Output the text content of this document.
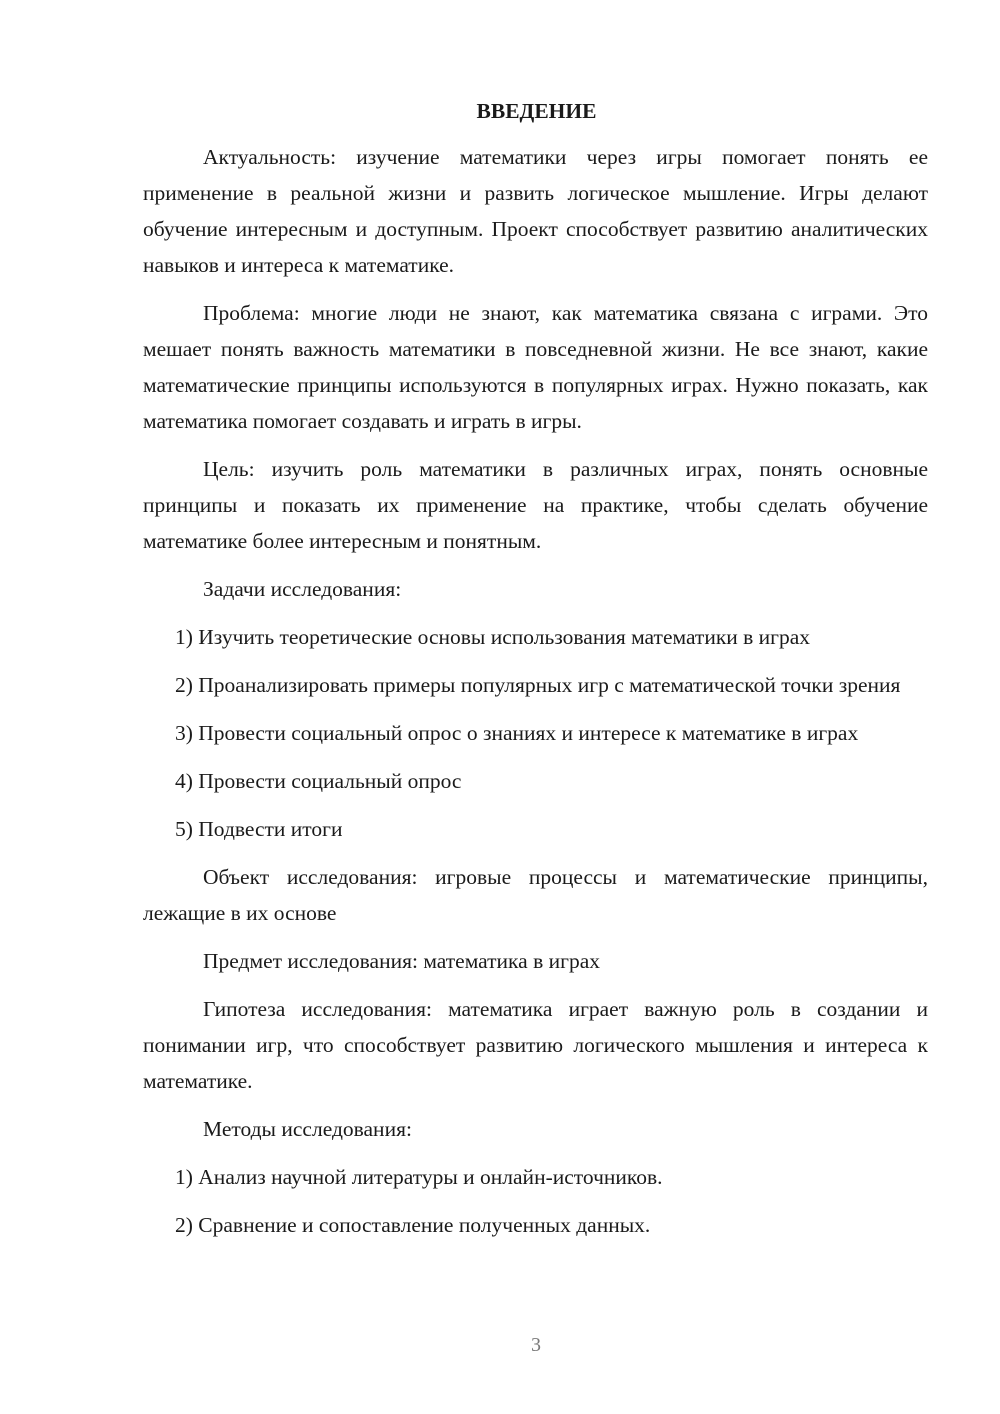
ВВЕДЕНИЕ

Актуальность: изучение математики через игры помогает понять ее применение в реальной жизни и развить логическое мышление. Игры делают обучение интересным и доступным. Проект способствует развитию аналитических навыков и интереса к математике.

Проблема: многие люди не знают, как математика связана с играми. Это мешает понять важность математики в повседневной жизни. Не все знают, какие математические принципы используются в популярных играх. Нужно показать, как математика помогает создавать и играть в игры.

Цель: изучить роль математики в различных играх, понять основные принципы и показать их применение на практике, чтобы сделать обучение математике более интересным и понятным.

Задачи исследования:

1) Изучить теоретические основы использования математики в играх

2) Проанализировать примеры популярных игр с математической точки зрения

3) Провести социальный опрос о знаниях и интересе к математике в играх

4) Провести социальный опрос

5) Подвести итоги

Объект исследования: игровые процессы и математические принципы, лежащие в их основе

Предмет исследования: математика в играх

Гипотеза исследования: математика играет важную роль в создании и понимании игр, что способствует развитию логического мышления и интереса к математике.

Методы исследования:

1) Анализ научной литературы и онлайн-источников.

2) Сравнение и сопоставление полученных данных.

3
